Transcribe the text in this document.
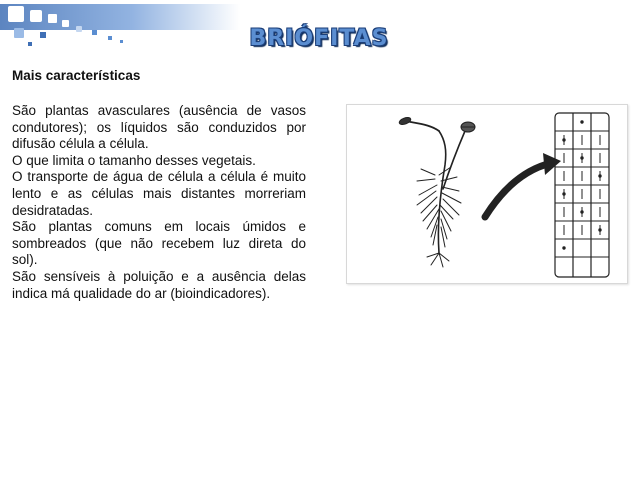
BRIÓFITAS
Mais características

São plantas avasculares (ausência de vasos condutores); os líquidos são conduzidos por difusão célula a célula.

O que limita o tamanho desses vegetais.

O transporte de água de célula a célula é muito lento e as células mais distantes morreriam desidratadas.

São plantas comuns em locais úmidos e sombreados (que não recebem luz direta do sol).

São sensíveis à poluição e a ausência delas indica má qualidade do ar (bioindicadores).
